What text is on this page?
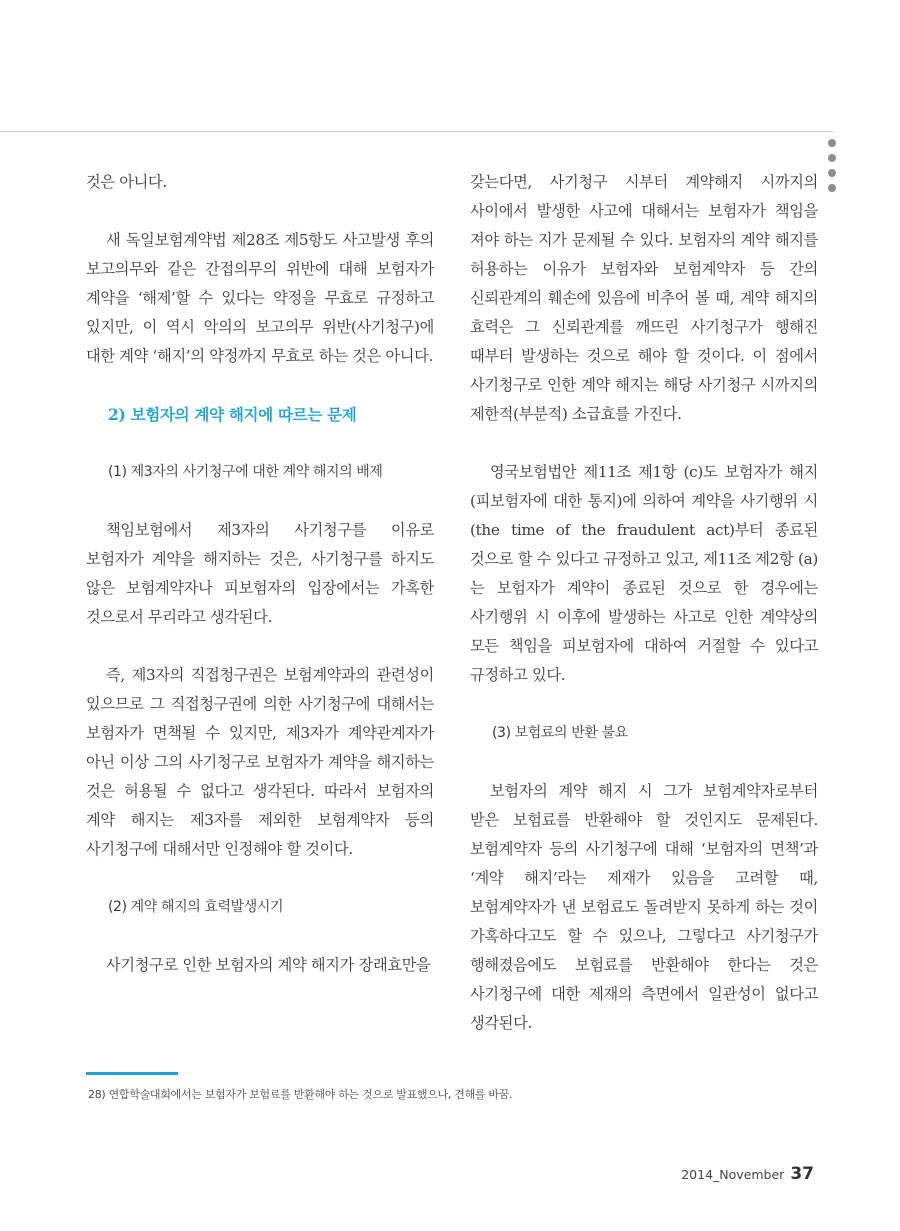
것은 아니다.

새 독일보험계약법 제28조 제5항도 사고발생 후의 보고의무와 같은 간접의무의 위반에 대해 보험자가 계약을 ‘해제’할 수 있다는 약정을 무효로 규정하고 있지만, 이 역시 악의의 보고의무 위반(사기청구)에 대한 계약 ‘해지’의 약정까지 무효로 하는 것은 아니다.

2) 보험자의 계약 해지에 따르는 문제

(1) 제3자의 사기청구에 대한 계약 해지의 배제

책임보험에서 제3자의 사기청구를 이유로 보험자가 계약을 해지하는 것은, 사기청구를 하지도 않은 보험계약자나 피보험자의 입장에서는 가혹한 것으로서 무리라고 생각된다.

즉, 제3자의 직접청구권은 보험계약과의 관련성이 있으므로 그 직접청구권에 의한 사기청구에 대해서는 보험자가 면책될 수 있지만, 제3자가 계약관계자가 아닌 이상 그의 사기청구로 보험자가 계약을 해지하는 것은 허용될 수 없다고 생각된다. 따라서 보험자의 계약 해지는 제3자를 제외한 보험계약자 등의 사기청구에 대해서만 인정해야 할 것이다.

(2) 계약 해지의 효력발생시기

사기청구로 인한 보험자의 계약 해지가 장래효만을

갖는다면, 사기청구 시부터 계약해지 시까지의 사이에서 발생한 사고에 대해서는 보험자가 책임을 져야 하는 지가 문제될 수 있다. 보험자의 계약 해지를 허용하는 이유가 보험자와 보험계약자 등 간의 신뢰관계의 훼손에 있음에 비추어 볼 때, 계약 해지의 효력은 그 신뢰관계를 깨뜨린 사기청구가 행해진 때부터 발생하는 것으로 해야 할 것이다. 이 점에서 사기청구로 인한 계약 해지는 해당 사기청구 시까지의 제한적(부분적) 소급효를 가진다.

영국보험법안 제11조 제1항 (c)도 보험자가 해지(피보험자에 대한 통지)에 의하여 계약을 사기행위 시(the time of the fraudulent act)부터 종료된 것으로 할 수 있다고 규정하고 있고, 제11조 제2항 (a)는 보험자가 계약이 종료된 것으로 한 경우에는 사기행위 시 이후에 발생하는 사고로 인한 계약상의 모든 책임을 피보험자에 대하여 거절할 수 있다고 규정하고 있다.

(3) 보험료의 반환 불요

보험자의 계약 해지 시 그가 보험계약자로부터 받은 보험료를 반환해야 할 것인지도 문제된다. 보험계약자 등의 사기청구에 대해 ‘보험자의 면책’과 ‘계약 해지’라는 제재가 있음을 고려할 때, 보험계약자가 낸 보험료도 돌려받지 못하게 하는 것이 가혹하다고도 할 수 있으나, 그렇다고 사기청구가 행해졌음에도 보험료를 반환해야 한다는 것은 사기청구에 대한 제재의 측면에서 일관성이 없다고 생각된다.

28) 연합학술대회에서는 보험자가 보험료를 반환해야 하는 것으로 발표했으나, 견해를 바꿈.

2014_November 37
